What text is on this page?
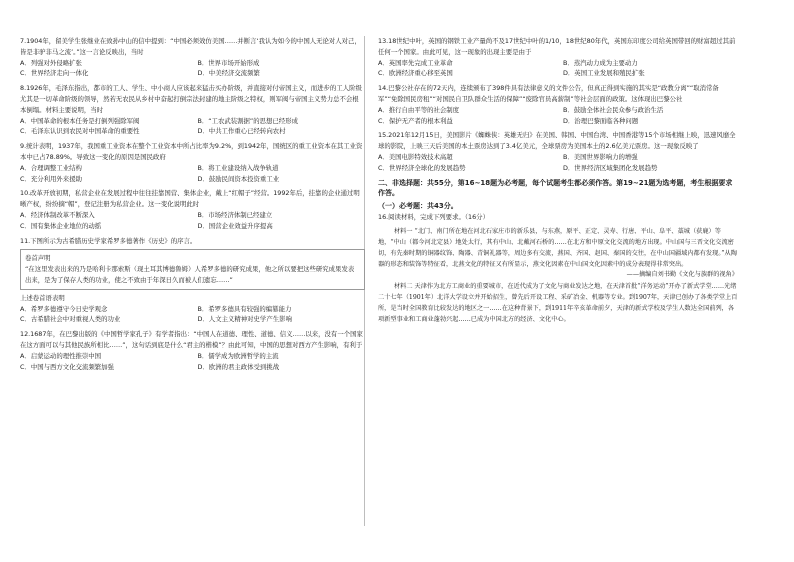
7.1904年，留美学生张继业在致孙中山的信中提到：“中国必须效仿美国……并断言‘我认为如今的中国人无论对人对己，皆是非驴非马之流’。”这一言论反映出，当时

A．列强对外侵略扩张	B．世界市场开始形成
C．世界经济走向一体化	D．中美经济交流频繁

8.1926年，毛泽东指出，都市的工人、学生、中小商人应该起来猛击买办阶级，并直接对付帝国主义，而进步的工人阶级尤其是一切革命阶级的领导，然若无农民从乡村中奋起打倒宗法封建的地主阶级之特权，则军阀与帝国主义势力总不会根本倒塌。材料主要说明，当时

A．中国革命的根本任务是打倒列强除军阀	B．“工农武装割据”的思想已经形成
C．毛泽东认识到农民对中国革命的重要性	D．中共工作重心已经转向农村

9.统计表明，1937年，我国重工业资本在整个工业资本中所占比率为9.2%，到1942年，国统区的重工业资本在其工业资本中已占78.89%。导致这一变化的原因是国民政府

A．合理调整工业结构	B．将工业建设纳入战争轨道
C．充分利用外来援助	D．鼓励民间资本投资重工业

10.改革开放初期，私营企业在发展过程中往往挂靠国营、集体企业，戴上“红帽子”经营。1992年后，挂靠的企业通过明晰产权，纷纷摘“帽”，登记注册为私营企业。这一变化说明此时

A．经济体制改革不断深入	B．市场经济体制已经建立
C．国有集体企业地位的动摇	D．国营企业效益升序提高

11.下图所示为古希腊历史学家希罗多德著作《历史》的序言。

卷首声明
“在这里发表出来的乃是哈利卡那索斯（现土耳其博德鲁姆）人希罗多德的研究成果，他之所以要把这些研究成果发表出来，是为了保存人类的功业，使之不致由于年深日久而被人们遗忘……”

上述卷首语表明

A．希罗多德遵守今日史学观念	B．希罗多德具有较强的编纂能力
C．古希腊社会中对重视人类的功业	D．人文主义精神对史学产生影响

12.1687年，在巴黎出版的《中国哲学家孔子》有学者指出：“中国人在道德、理性、道德、信义……以来，没有一个国家在这方面可以与其他民族所相比……”，这句话到底是什么“君主的楷模”？由此可知，中国的思想对西方产生影响，有利于

A．启蒙运动的理性推崇中国	B．儒学成为欧洲哲学的主流
C．中国与西方文化交流频繁加强	D．欧洲的君主政体受到挑战

13.18世纪中叶，英国的钢铁工业产量尚不及17世纪中叶的1/10，18世纪80年代，英国东印度公司给英国带回的财富超过其前任何一个国家。由此可见，这一现象的出现主要是由于

A．英国率先完成工业革命	B．蒸汽动力成为主要动力
C．欧洲经济重心移至英国	D．英国工业发展和殖民扩张

14.巴黎公社存在的72天内，连续颁布了398件具有法律意义的文件公告，但真正得到实施的其实是“政教分离”“取消常备军”“免除国民房租”“对国民自卫队群众生活的保障”“废除官员高薪制”等社会层面的政策。这体现出巴黎公社

A．推行自由平等的社会制度	B．鼓励全体社会民众参与政治生活
C．保护无产者的根本利益	D．治理巴黎面临各种问题

15.2021年12月15日，美国影片《蜘蛛侠：英雄无归》在美国、韩国、中国台湾、中国香港等15个市场相继上映，迅速风靡全球的影院，上映三天后美国的本土票房达到了3.4亿美元，全球票房为美国本土的2.6亿美元票房。这一现象反映了

A．美国电影特效技术高超	B．美国世界影响力的增强
C．世界经济全球化的发展趋势	D．世界经济区域集团化发展趋势
二、非选择题：共55分，第16~18题为必考题，每个试题考生都必须作答。第19~21题为选考题，考生根据要求作答。
（一）必考题：共43分。

16.阅读材料，完成下列要求。（16分）

材料一 “北门、南门所在地在河北石家庄市的新乐县，与东燕，原平、正定、灵寿、行唐、平山、阜平、藁城（获鹿）等地，“中山（都今河北定县）地处太行，其有中山、北戴河石桥的……在北方和中原文化交流的地方出现。中山国与三晋文化交流密切，有先秦时期的铜器纹饰、陶器、青铜礼器等，周边多有交流，燕国、齐国、赵国、秦国的交往，在中山国疆域内都有发现。”从陶器的形态和装饰等特征看，北燕文化的特征又有所显示，燕文化因素在中山国文化因素中的成分表现得非常突出。

——摘编自刘书勤《文化与族群的视角》

材料二 天津作为北方工商业的重要城市，在近代成为了文化与商业发达之地，在天津首批“洋务运动”开办了新式学堂……光绪二十七年（1901年）北洋大学设立并开始招生，曾先后开设工程、采矿冶金、机器等专业。到1907年，天津已创办了各类学堂上百所，是当时全国教育比较发达的地区之一……在这种背景下，到1911年辛亥革命前夕，天津的新式学校及学生人数达全国前列，各项新型事业和工商业蓬勃兴起……已成为中国北方的经济、文化中心。
